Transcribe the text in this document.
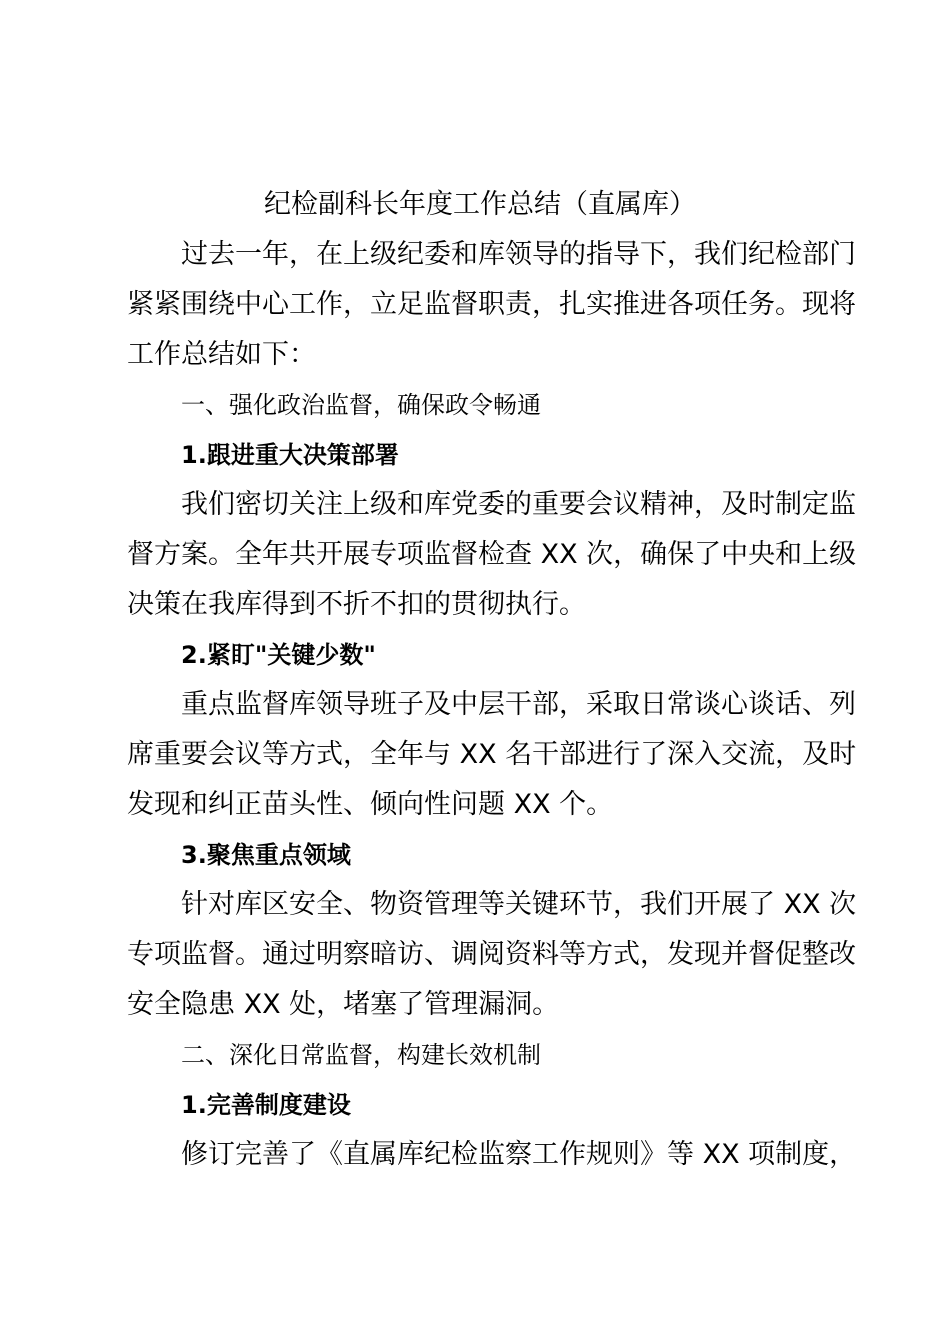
纪检副科长年度工作总结（直属库）
过去一年，在上级纪委和库领导的指导下，我们纪检部门
紧紧围绕中心工作，立足监督职责，扎实推进各项任务。现将
工作总结如下：
一、强化政治监督，确保政令畅通
1.跟进重大决策部署
我们密切关注上级和库党委的重要会议精神，及时制定监
督方案。全年共开展专项监督检查 XX 次，确保了中央和上级
决策在我库得到不折不扣的贯彻执行。
2.紧盯"关键少数"
重点监督库领导班子及中层干部，采取日常谈心谈话、列
席重要会议等方式，全年与 XX 名干部进行了深入交流，及时
发现和纠正苗头性、倾向性问题 XX 个。
3.聚焦重点领域
针对库区安全、物资管理等关键环节，我们开展了 XX 次
专项监督。通过明察暗访、调阅资料等方式，发现并督促整改
安全隐患 XX 处，堵塞了管理漏洞。
二、深化日常监督，构建长效机制
1.完善制度建设
修订完善了《直属库纪检监察工作规则》等 XX 项制度，
